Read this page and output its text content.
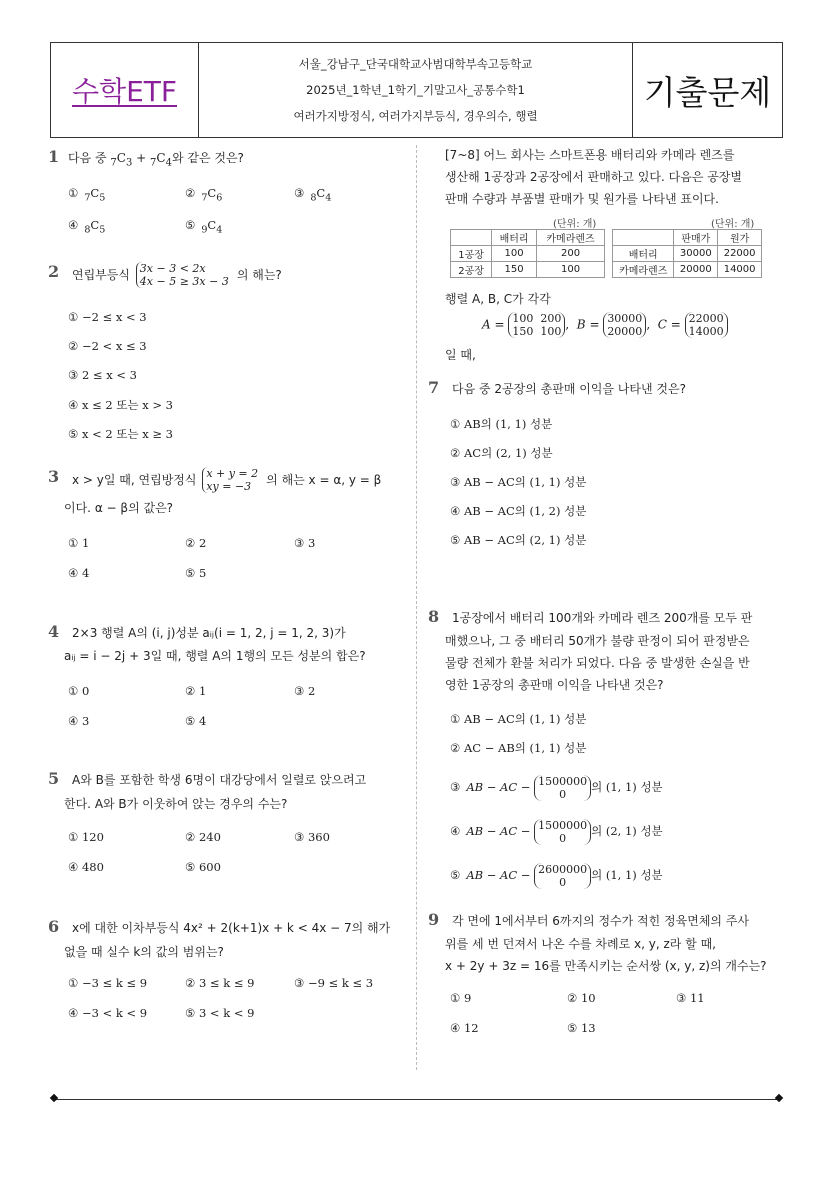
수학ETF
서울_강남구_단국대학교사범대학부속고등학교
2025년_1학년_1학기_기말고사_공통수학1
여러가지방정식, 여러가지부등식, 경우의수, 행렬
기출문제
1 다음 중 $_7C_3 + _7C_4$와 같은 것은?
① $_7C_5$	② $_7C_6$	③ $_8C_4$
④ $_8C_5$	⑤ $_9C_4$
2 연립부등식 3x − 3 < 2x
4x − 5 ≥ 3x − 3 의 해는?
① −2 ≤ x < 3
② −2 < x ≤ 3
③ 2 ≤ x < 3
④ x ≤ 2 또는 x > 3
⑤ x < 2 또는 x ≥ 3
3 x > y일 때, 연립방정식 x + y = 2
xy = −3	의 해는 x = α, y = β
이다. α − β의 값은?
① 1	② 2	③ 3
④ 4	⑤ 5
4 2×3 행렬 A의 (i, j)성분 aᵢⱼ(i = 1, 2, j = 1, 2, 3)가
aᵢⱼ = i − 2j + 3일 때, 행렬 A의 1행의 모든 성분의 합은?
① 0	② 1	③ 2
④ 3	⑤ 4
5 A와 B를 포함한 학생 6명이 대강당에서 일렬로 앉으려고
한다. A와 B가 이웃하여 앉는 경우의 수는?
① 120	② 240	③ 360
④ 480	⑤ 600
6 x에 대한 이차부등식 4x² + 2(k+1)x + k < 4x − 7의 해가
없을 때 실수 k의 값의 범위는?
① −3 ≤ k ≤ 9	② 3 ≤ k ≤ 9	③ −9 ≤ k ≤ 3
④ −3 < k < 9	⑤ 3 < k < 9
[7~8] 어느 회사는 스마트폰용 배터리와 카메라 렌즈를
생산해 1공장과 2공장에서 판매하고 있다. 다음은 공장별
판매 수량과 부품별 판매가 및 원가를 나타낸 표이다.
(단위: 개)	(단위: 개)
	배터리	카메라렌즈
1공장	100	200
2공장	150	100
	판매가	원가
배터리	30000	22000
카메라렌즈	20000	14000
행렬 A, B, C가 각각
A = 100  200
150  100 ,  B = 30000
20000 ,  C = 22000
14000
일 때,
7 다음 중 2공장의 총판매 이익을 나타낸 것은?
① AB의 (1, 1) 성분
② AC의 (2, 1) 성분
③ AB − AC의 (1, 1) 성분
④ AB − AC의 (1, 2) 성분
⑤ AB − AC의 (2, 1) 성분
8 1공장에서 배터리 100개와 카메라 렌즈 200개를 모두 판
매했으나, 그 중 배터리 50개가 불량 판정이 되어 판정받은
물량 전체가 환불 처리가 되었다. 다음 중 발생한 손실을 반
영한 1공장의 총판매 이익을 나타낸 것은?
① AB − AC의 (1, 1) 성분
② AC − AB의 (1, 1) 성분
③ AB − AC − 1500000
0
의 (1, 1) 성분
④ AB − AC − 1500000
0
의 (2, 1) 성분
⑤ AB − AC − 2600000
0
의 (1, 1) 성분
9 각 면에 1에서부터 6까지의 정수가 적힌 정육면체의 주사
위를 세 번 던져서 나온 수를 차례로 x, y, z라 할 때,
x + 2y + 3z = 16를 만족시키는 순서쌍 (x, y, z)의 개수는?
① 9	② 10	③ 11
④ 12	⑤ 13
